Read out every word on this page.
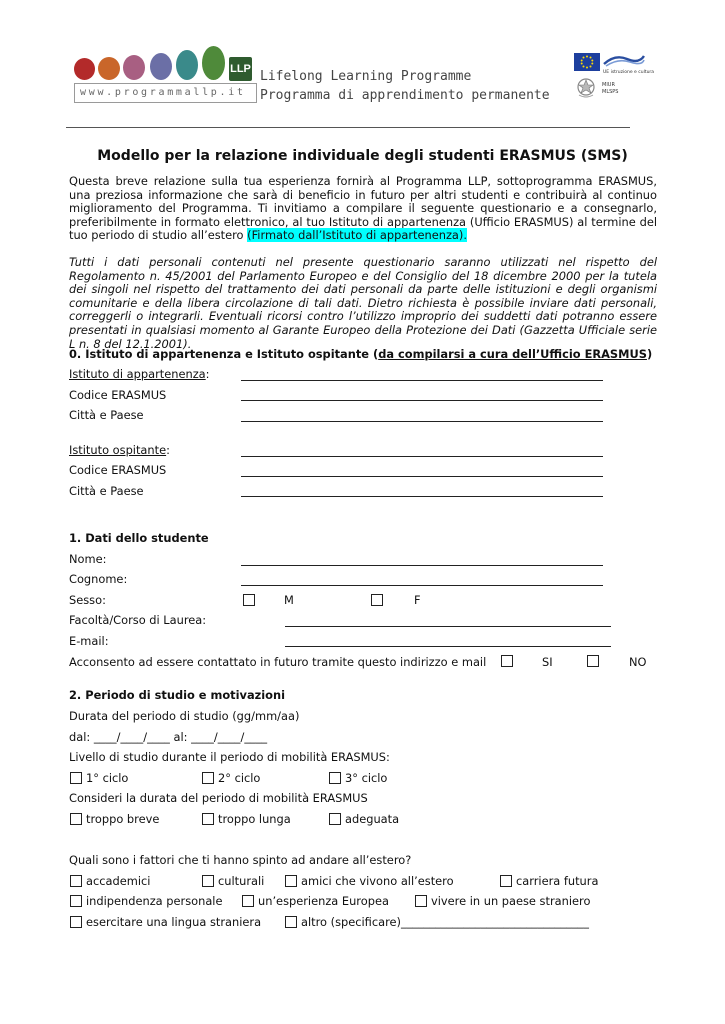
LLP
www.programmallp.it
Lifelong Learning Programme
Programma di apprendimento permanente
UE istruzione e cultura
MIUR
MLSPS
Modello per la relazione individuale degli studenti ERASMUS (SMS)

Questa breve relazione sulla tua esperienza fornirà al Programma LLP, sottoprogramma ERASMUS, una preziosa informazione che sarà di beneficio in futuro per altri studenti e contribuirà al continuo miglioramento del Programma. Ti invitiamo a compilare il seguente questionario e a consegnarlo, preferibilmente in formato elettronico, al tuo Istituto di appartenenza (Ufficio ERASMUS) al termine del tuo periodo di studio all’estero (Firmato dall’Istituto di appartenenza).

Tutti i dati personali contenuti nel presente questionario saranno utilizzati nel rispetto del Regolamento n. 45/2001 del Parlamento Europeo e del Consiglio del 18 dicembre 2000 per la tutela dei singoli nel rispetto del trattamento dei dati personali da parte delle istituzioni e degli organismi comunitarie e della libera circolazione di tali dati. Dietro richiesta è possibile inviare dati personali, correggerli o integrarli. Eventuali ricorsi contro l’utilizzo improprio dei suddetti dati potranno essere presentati in qualsiasi momento al Garante Europeo della Protezione dei Dati (Gazzetta Ufficiale serie L n. 8 del 12.1.2001).

0. Istituto di appartenenza e Istituto ospitante (da compilarsi a cura dell’Ufficio ERASMUS)
Istituto di appartenenza:
Codice ERASMUS
Città e Paese
Istituto ospitante:
Codice ERASMUS
Città e Paese
1. Dati dello studente
Nome:
Cognome:
Sesso:	M	F
Facoltà/Corso di Laurea:
E-mail:
Acconsento ad essere contattato in futuro tramite questo indirizzo e mail	SI	NO
2. Periodo di studio e motivazioni
Durata del periodo di studio (gg/mm/aa)
dal: ____/____/____ al: ____/____/____
Livello di studio durante il periodo di mobilità ERASMUS:
1° ciclo	2° ciclo	3° ciclo
Consideri la durata del periodo di mobilità ERASMUS
troppo breve	troppo lunga	adeguata
Quali sono i fattori che ti hanno spinto ad andare all’estero?
accademici	culturali	amici che vivono all’estero	carriera futura
indipendenza personale	un’esperienza Europea	vivere in un paese straniero
esercitare una lingua straniera	altro (specificare) _________________________________
